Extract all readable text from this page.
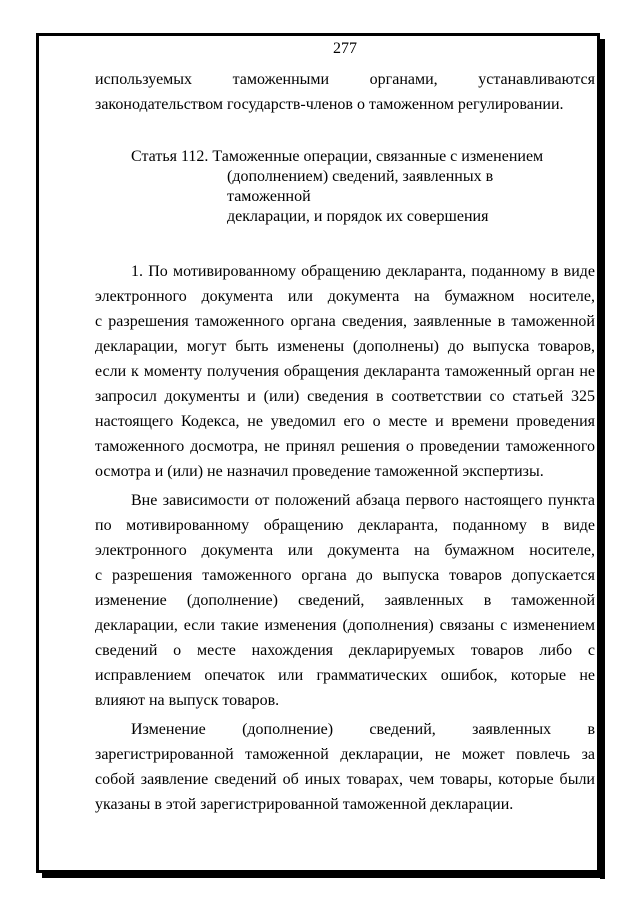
277

используемых таможенными органами, устанавливаются
законодательством государств-членов о таможенном регулировании.

Статья 112. Таможенные операции, связанные с изменением
(дополнением) сведений, заявленных в таможенной
декларации, и порядок их совершения

1. По мотивированному обращению декларанта, поданному в виде
электронного документа или документа на бумажном носителе,
с разрешения таможенного органа сведения, заявленные в таможенной
декларации, могут быть изменены (дополнены) до выпуска товаров,
если к моменту получения обращения декларанта таможенный орган не
запросил документы и (или) сведения в соответствии со статьей 325
настоящего Кодекса, не уведомил его о месте и времени проведения
таможенного досмотра, не принял решения о проведении таможенного
осмотра и (или) не назначил проведение таможенной экспертизы.

Вне зависимости от положений абзаца первого настоящего пункта
по мотивированному обращению декларанта, поданному в виде
электронного документа или документа на бумажном носителе,
с разрешения таможенного органа до выпуска товаров допускается
изменение (дополнение) сведений, заявленных в таможенной
декларации, если такие изменения (дополнения) связаны с изменением
сведений о месте нахождения декларируемых товаров либо с
исправлением опечаток или грамматических ошибок, которые не
влияют на выпуск товаров.

Изменение (дополнение) сведений, заявленных в
зарегистрированной таможенной декларации, не может повлечь за
собой заявление сведений об иных товарах, чем товары, которые были
указаны в этой зарегистрированной таможенной декларации.
